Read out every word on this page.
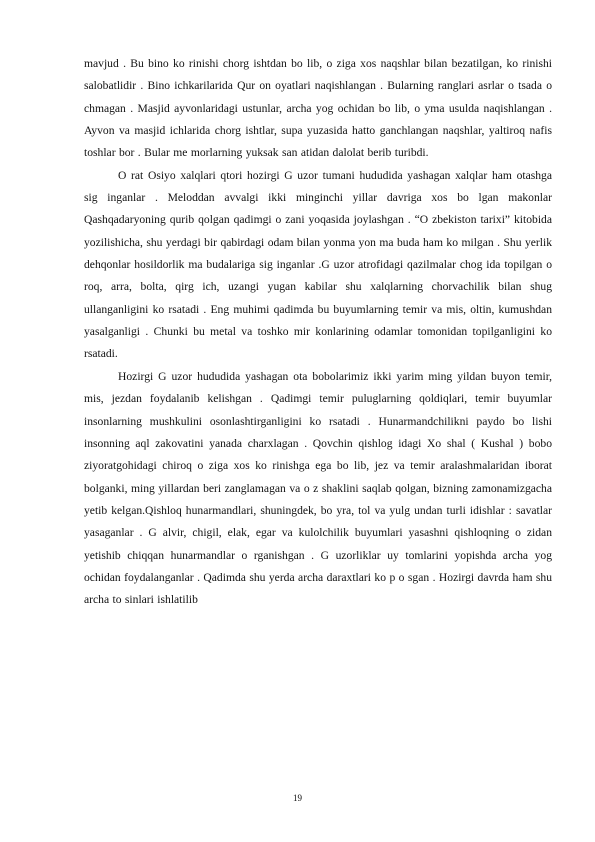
mavjud . Bu bino ko rinishi chorg ishtdan bo lib, o ziga xos naqshlar bilan bezatilgan, ko rinishi salobatlidir . Bino ichkarilarida Qur on oyatlari naqishlangan . Bularning ranglari asrlar o tsada o chmagan . Masjid ayvonlaridagi ustunlar, archa yog ochidan bo lib, o yma usulda naqishlangan . Ayvon va masjid ichlarida chorg ishtlar, supa yuzasida hatto ganchlangan naqshlar, yaltiroq nafis toshlar bor . Bular me morlarning yuksak san atidan dalolat berib turibdi.

O rat Osiyo xalqlari qtori hozirgi G uzor tumani hududida yashagan xalqlar ham otashga sig inganlar . Meloddan avvalgi ikki minginchi yillar davriga xos bo lgan makonlar Qashqadaryoning qurib qolgan qadimgi o zani yoqasida joylashgan . “O zbekiston tarixi” kitobida yozilishicha, shu yerdagi bir qabirdagi odam bilan yonma yon ma buda ham ko milgan . Shu yerlik dehqonlar hosildorlik ma budalariga sig inganlar .G uzor atrofidagi qazilmalar chog ida topilgan o roq, arra, bolta, qirg ich, uzangi yugan kabilar shu xalqlarning chorvachilik bilan shug ullanganligini ko rsatadi . Eng muhimi qadimda bu buyumlarning temir va mis, oltin, kumushdan yasalganligi . Chunki bu metal va toshko mir konlarining odamlar tomonidan topilganligini ko rsatadi.

Hozirgi G uzor hududida yashagan ota bobolarimiz ikki yarim ming yildan buyon temir, mis, jezdan foydalanib kelishgan . Qadimgi temir puluglarning qoldiqlari, temir buyumlar insonlarning mushkulini osonlashtirganligini ko rsatadi . Hunarmandchilikni paydo bo lishi insonning aql zakovatini yanada charxlagan . Qovchin qishlog idagi Xo shal ( Kushal ) bobo ziyoratgohidagi chiroq o ziga xos ko rinishga ega bo lib, jez va temir aralashmalaridan iborat bolganki, ming yillardan beri zanglamagan va o z shaklini saqlab qolgan, bizning zamonamizgacha yetib kelgan.Qishloq hunarmandlari, shuningdek, bo yra, tol va yulg undan turli idishlar : savatlar yasaganlar . G alvir, chigil, elak, egar va kulolchilik buyumlari yasashni qishloqning o zidan yetishib chiqqan hunarmandlar o rganishgan . G uzorliklar uy tomlarini yopishda archa yog ochidan foydalanganlar . Qadimda shu yerda archa daraxtlari ko p o sgan . Hozirgi davrda ham shu archa to sinlari ishlatilib

19
